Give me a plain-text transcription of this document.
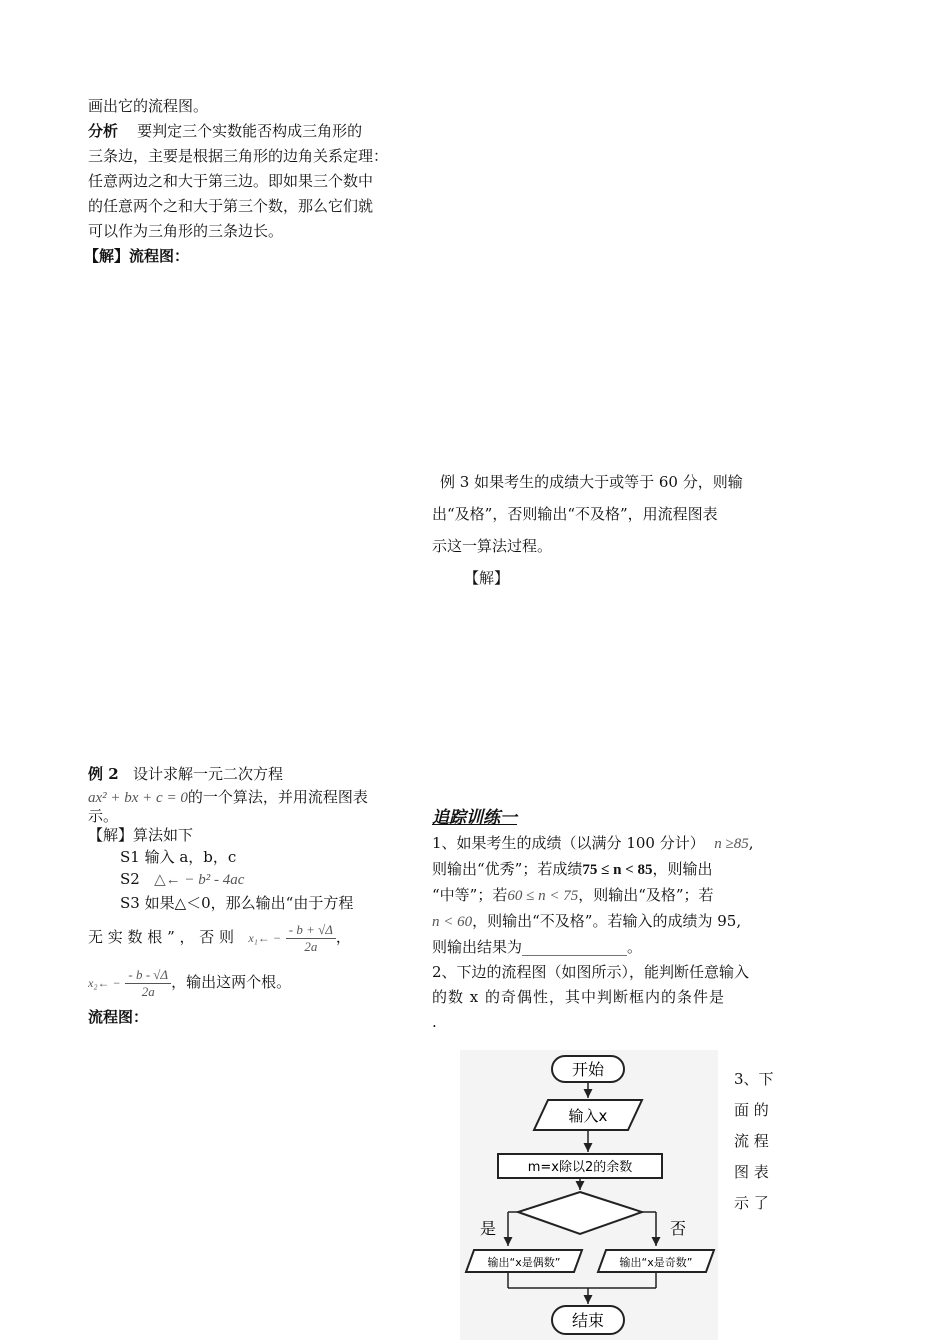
画出它的流程图。
分析 要判定三个实数能否构成三角形的
三条边，主要是根据三角形的边角关系定理：
任意两边之和大于第三边。即如果三个数中
的任意两个之和大于第三个数，那么它们就
可以作为三角形的三条边长。
【解】流程图：
例 3 如果考生的成绩大于或等于 60 分，则输
出“及格”，否则输出“不及格”，用流程图表
示这一算法过程。
【解】
例 2 设计求解一元二次方程
ax² + bx + c = 0的一个算法，并用流程图表
示。
【解】算法如下
S1 输入 a，b，c
S2 △← − b² - 4ac
S3 如果△＜0，那么输出“由于方程
无 实 数 根 ” ， 否 则 x₁← − $\frac{- b + √\Delta}{2a}$ ，
x₂← − $\frac{- b - √\Delta}{2a}$ ，输出这两个根。
流程图：
追踪训练一
1、如果考生的成绩（以满分 100 分计） n ≥85,
则输出“优秀”；若成绩75 ≤ n < 85，则输出
“中等”；若60 ≤ n < 75，则输出“及格”；若
n < 60，则输出“不及格”。若输入的成绩为 95,
则输出结果为______________。
2、下边的流程图（如图所示），能判断任意输入
的数 x 的奇偶性，其中判断框内的条件是
.
3、下
面 的
流 程
图 表
示 了
开始
输入x
m=x除以2的余数
是	否
输出“x是偶数”	输出“x是奇数”
结束
